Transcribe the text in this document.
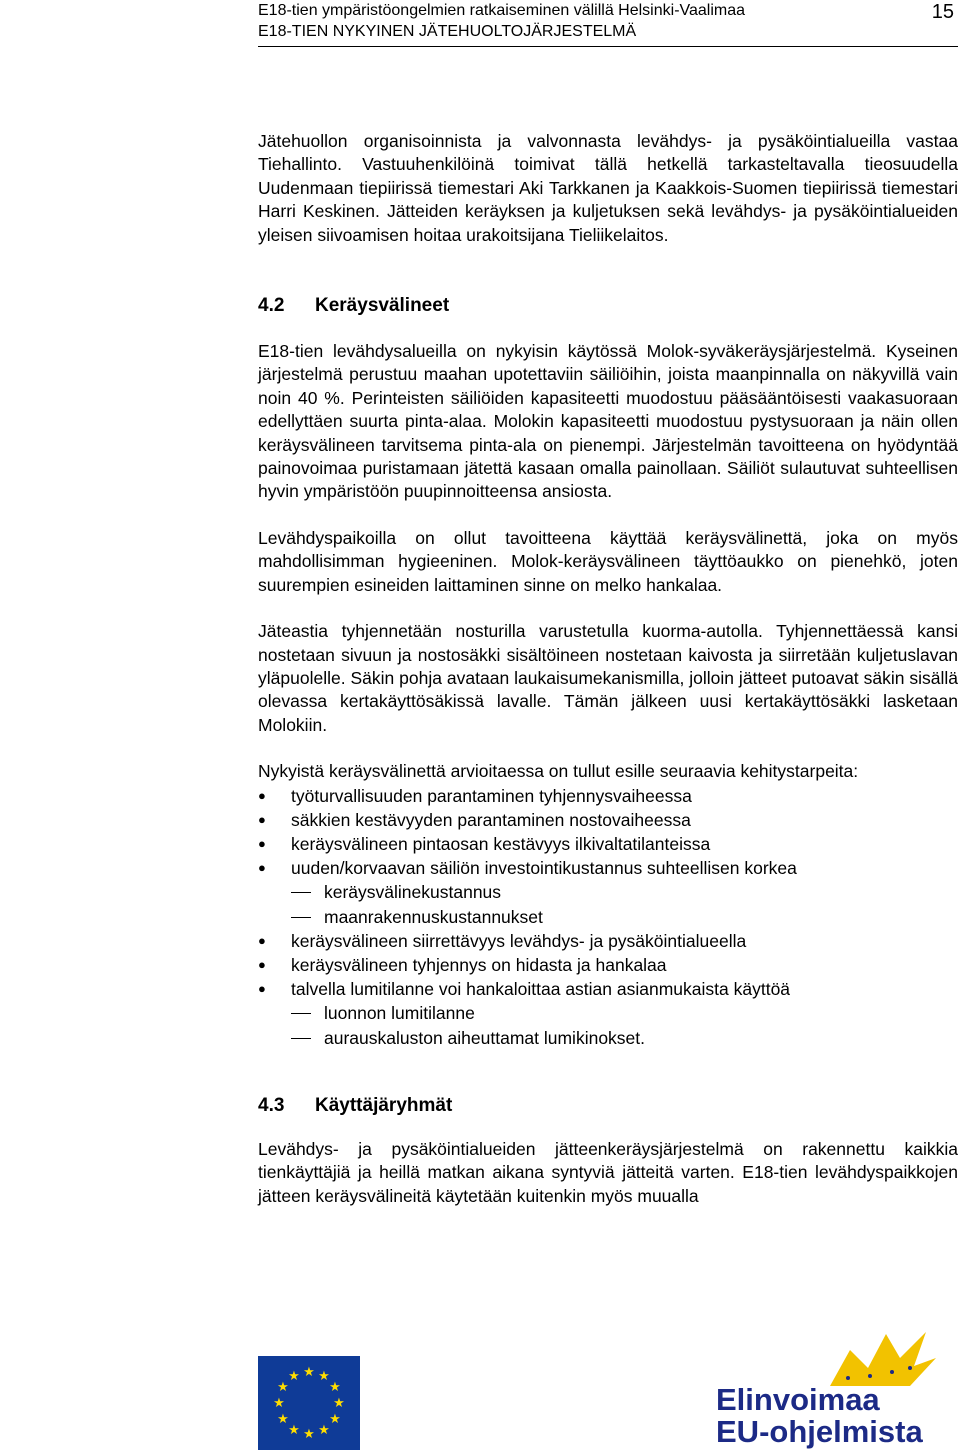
E18-tien ympäristöongelmien ratkaiseminen välillä Helsinki-Vaalimaa
E18-TIEN NYKYINEN JÄTEHUOLTOJÄRJESTELMÄ
15

Jätehuollon organisoinnista ja valvonnasta levähdys- ja pysäköintialueilla vastaa Tiehallinto. Vastuuhenkilöinä toimivat tällä hetkellä tarkasteltavalla tieosuudella Uudenmaan tiepiirissä tiemestari Aki Tarkkanen ja Kaakkois-Suomen tiepiirissä tiemestari Harri Keskinen. Jätteiden keräyksen ja kuljetuksen sekä levähdys- ja pysäköintialueiden yleisen siivoamisen hoitaa urakoitsijana Tieliikelaitos.

4.2 Keräysvälineet

E18-tien levähdysalueilla on nykyisin käytössä Molok-syväkeräysjärjestelmä. Kyseinen järjestelmä perustuu maahan upotettaviin säiliöihin, joista maanpinnalla on näkyvillä vain noin 40 %. Perinteisten säiliöiden kapasiteetti muodostuu pääsääntöisesti vaakasuoraan edellyttäen suurta pinta-alaa. Molokin kapasiteetti muodostuu pystysuoraan ja näin ollen keräysvälineen tarvitsema pinta-ala on pienempi. Järjestelmän tavoitteena on hyödyntää painovoimaa puristamaan jätettä kasaan omalla painollaan. Säiliöt sulautuvat suhteellisen hyvin ympäristöön puupinnoitteensa ansiosta.

Levähdyspaikoilla on ollut tavoitteena käyttää keräysvälinettä, joka on myös mahdollisimman hygieeninen. Molok-keräysvälineen täyttöaukko on pienehkö, joten suurempien esineiden laittaminen sinne on melko hankalaa.

Jäteastia tyhjennetään nosturilla varustetulla kuorma-autolla. Tyhjennettäessä kansi nostetaan sivuun ja nostosäkki sisältöineen nostetaan kaivosta ja siirretään kuljetuslavan yläpuolelle. Säkin pohja avataan laukaisumekanismilla, jolloin jätteet putoavat säkin sisällä olevassa kertakäyttösäkissä lavalle. Tämän jälkeen uusi kertakäyttösäkki lasketaan Molokiin.

Nykyistä keräysvälinettä arvioitaessa on tullut esille seuraavia kehitystarpeita:

● työturvallisuuden parantaminen tyhjennysvaiheessa
● säkkien kestävyyden parantaminen nostovaiheessa
● keräysvälineen pintaosan kestävyys ilkivaltatilanteissa
● uuden/korvaavan säiliön investointikustannus suhteellisen korkea
keräysvälinekustannus
maanrakennuskustannukset
● keräysvälineen siirrettävyys levähdys- ja pysäköintialueella
● keräysvälineen tyhjennys on hidasta ja hankalaa
● talvella lumitilanne voi hankaloittaa astian asianmukaista käyttöä
luonnon lumitilanne
aurauskaluston aiheuttamat lumikinokset.
4.3 Käyttäjäryhmät

Levähdys- ja pysäköintialueiden jätteenkeräysjärjestelmä on rakennettu kaikkia tienkäyttäjiä ja heillä matkan aikana syntyviä jätteitä varten. E18-tien levähdyspaikkojen jätteen keräysvälineitä käytetään kuitenkin myös muualla

★ ★
★
★
★
★
★
★
★
★
★
★
Elinvoimaa
EU-ohjelmista
